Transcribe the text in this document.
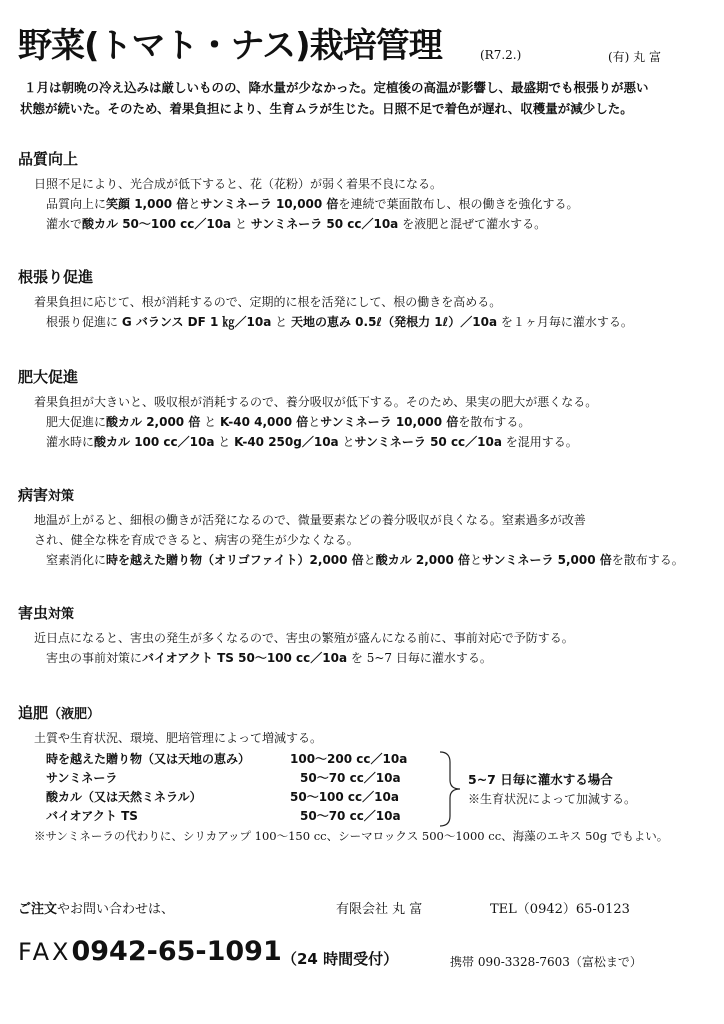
野菜(トマト・ナス)栽培管理	(R7.2.)	(有) 丸 富

１月は朝晩の冷え込みは厳しいものの、降水量が少なかった。定植後の高温が影響し、最盛期でも根張りが悪い

状態が続いた。そのため、着果負担により、生育ムラが生じた。日照不足で着色が遅れ、収穫量が減少した。

品質向上

日照不足により、光合成が低下すると、花（花粉）が弱く着果不良になる。

品質向上に笑顔 1,000 倍とサンミネーラ 10,000 倍を連続で葉面散布し、根の働きを強化する。

灌水で酸カル 50～100 cc／10a と サンミネーラ 50 cc／10a を液肥と混ぜて灌水する。

根張り促進

着果負担に応じて、根が消耗するので、定期的に根を活発にして、根の働きを高める。

根張り促進に G バランス DF 1 ㎏／10a と 天地の恵み 0.5ℓ（発根力 1ℓ）／10a を１ヶ月毎に灌水する。

肥大促進

着果負担が大きいと、吸収根が消耗するので、養分吸収が低下する。そのため、果実の肥大が悪くなる。

肥大促進に酸カル 2,000 倍 と K-40 4,000 倍とサンミネーラ 10,000 倍を散布する。

灌水時に酸カル 100 cc／10a と K-40 250g／10a とサンミネーラ 50 cc／10a を混用する。

病害対策

地温が上がると、細根の働きが活発になるので、微量要素などの養分吸収が良くなる。窒素過多が改善

され、健全な株を育成できると、病害の発生が少なくなる。

窒素消化に時を越えた贈り物（オリゴファイト）2,000 倍と酸カル 2,000 倍とサンミネーラ 5,000 倍を散布する。

害虫対策

近日点になると、害虫の発生が多くなるので、害虫の繁殖が盛んになる前に、事前対応で予防する。

害虫の事前対策にバイオアクト TS 50～100 cc／10a を 5~7 日毎に灌水する。

追肥（液肥）

土質や生育状況、環境、肥培管理によって増減する。

時を越えた贈り物（又は天地の恵み）	100～200 cc／10a
サンミネーラ	50～70 cc／10a
酸カル（又は天然ミネラル）	50～100 cc／10a
バイオアクト TS	50～70 cc／10a
5~7 日毎に灌水する場合
※生育状況によって加減する。

※サンミネーラの代わりに、シリカアップ 100～150 cc、シーマロックス 500～1000 cc、海藻のエキス 50g でもよい。

ご注文やお問い合わせは、	有限会社 丸 富	TEL（0942）65-0123
FAX0942-65-1091 （24 時間受付）	携帯 090-3328-7603（富松まで）
